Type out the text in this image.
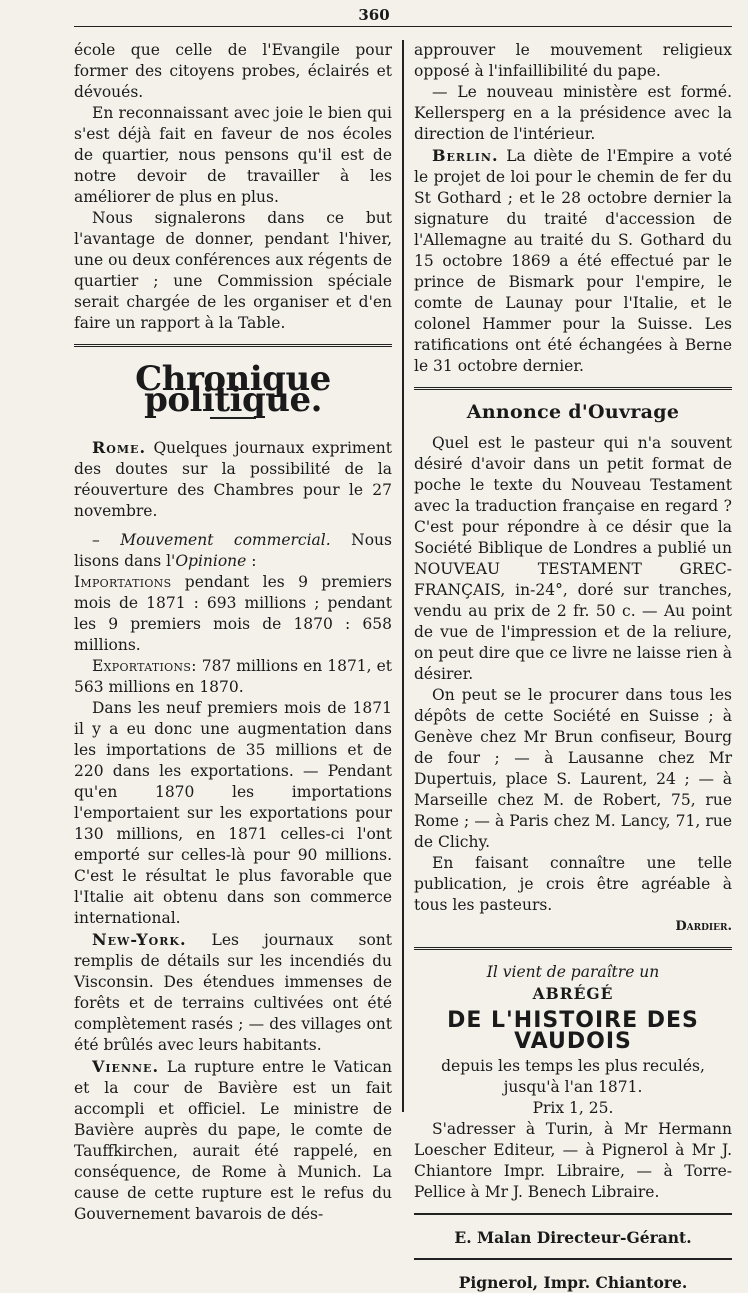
360

école que celle de l'Evangile pour former des citoyens probes, éclairés et dévoués.

En reconnaissant avec joie le bien qui s'est déjà fait en faveur de nos écoles de quartier, nous pensons qu'il est de notre devoir de travailler à les améliorer de plus en plus.

Nous signalerons dans ce but l'avantage de donner, pendant l'hiver, une ou deux conférences aux régents de quartier ; une Commission spéciale serait chargée de les organiser et d'en faire un rapport à la Table.

Chronique politique.

Rome. Quelques journaux expriment des doutes sur la possibilité de la réouverture des Chambres pour le 27 novembre.

– Mouvement commercial. Nous lisons dans l'Opinione :

Importations pendant les 9 premiers mois de 1871 : 693 millions ; pendant les 9 premiers mois de 1870 : 658 millions.

Exportations: 787 millions en 1871, et 563 millions en 1870.

Dans les neuf premiers mois de 1871 il y a eu donc une augmentation dans les importations de 35 millions et de 220 dans les exportations. — Pendant qu'en 1870 les importations l'emportaient sur les exportations pour 130 millions, en 1871 celles-ci l'ont emporté sur celles-là pour 90 millions. C'est le résultat le plus favorable que l'Italie ait obtenu dans son commerce international.

New-York. Les journaux sont remplis de détails sur les incendiés du Visconsin. Des étendues immenses de forêts et de terrains cultivées ont été complètement rasés ; — des villages ont été brûlés avec leurs habitants.

Vienne. La rupture entre le Vatican et la cour de Bavière est un fait accompli et officiel. Le ministre de Bavière auprès du pape, le comte de Tauffkirchen, aurait été rappelé, en conséquence, de Rome à Munich. La cause de cette rupture est le refus du Gouvernement bavarois de dés-

approuver le mouvement religieux opposé à l'infaillibilité du pape.

— Le nouveau ministère est formé. Kellersperg en a la présidence avec la direction de l'intérieur.

Berlin. La diète de l'Empire a voté le projet de loi pour le chemin de fer du St Gothard ; et le 28 octobre dernier la signature du traité d'accession de l'Allemagne au traité du S. Gothard du 15 octobre 1869 a été effectué par le prince de Bismark pour l'empire, le comte de Launay pour l'Italie, et le colonel Hammer pour la Suisse. Les ratifications ont été échangées à Berne le 31 octobre dernier.

Annonce d'Ouvrage

Quel est le pasteur qui n'a souvent désiré d'avoir dans un petit format de poche le texte du Nouveau Testament avec la traduction française en regard ? C'est pour répondre à ce désir que la Société Biblique de Londres a publié un NOUVEAU TESTAMENT GREC-FRANÇAIS, in-24°, doré sur tranches, vendu au prix de 2 fr. 50 c. — Au point de vue de l'impression et de la reliure, on peut dire que ce livre ne laisse rien à désirer.

On peut se le procurer dans tous les dépôts de cette Société en Suisse ; à Genève chez Mr Brun confiseur, Bourg de four ; — à Lausanne chez Mr Dupertuis, place S. Laurent, 24 ; — à Marseille chez M. de Robert, 75, rue Rome ; — à Paris chez M. Lancy, 71, rue de Clichy.

En faisant connaître une telle publication, je crois être agréable à tous les pasteurs.

Dardier.

Il vient de paraître un

ABRÉGÉ

DE L'HISTOIRE DES VAUDOIS

depuis les temps les plus reculés,

jusqu'à l'an 1871.

Prix 1, 25.

S'adresser à Turin, à Mr Hermann Loescher Editeur, — à Pignerol à Mr J. Chiantore Impr. Libraire, — à Torre-Pellice à Mr J. Benech Libraire.

E. Malan Directeur-Gérant.

Pignerol, Impr. Chiantore.
